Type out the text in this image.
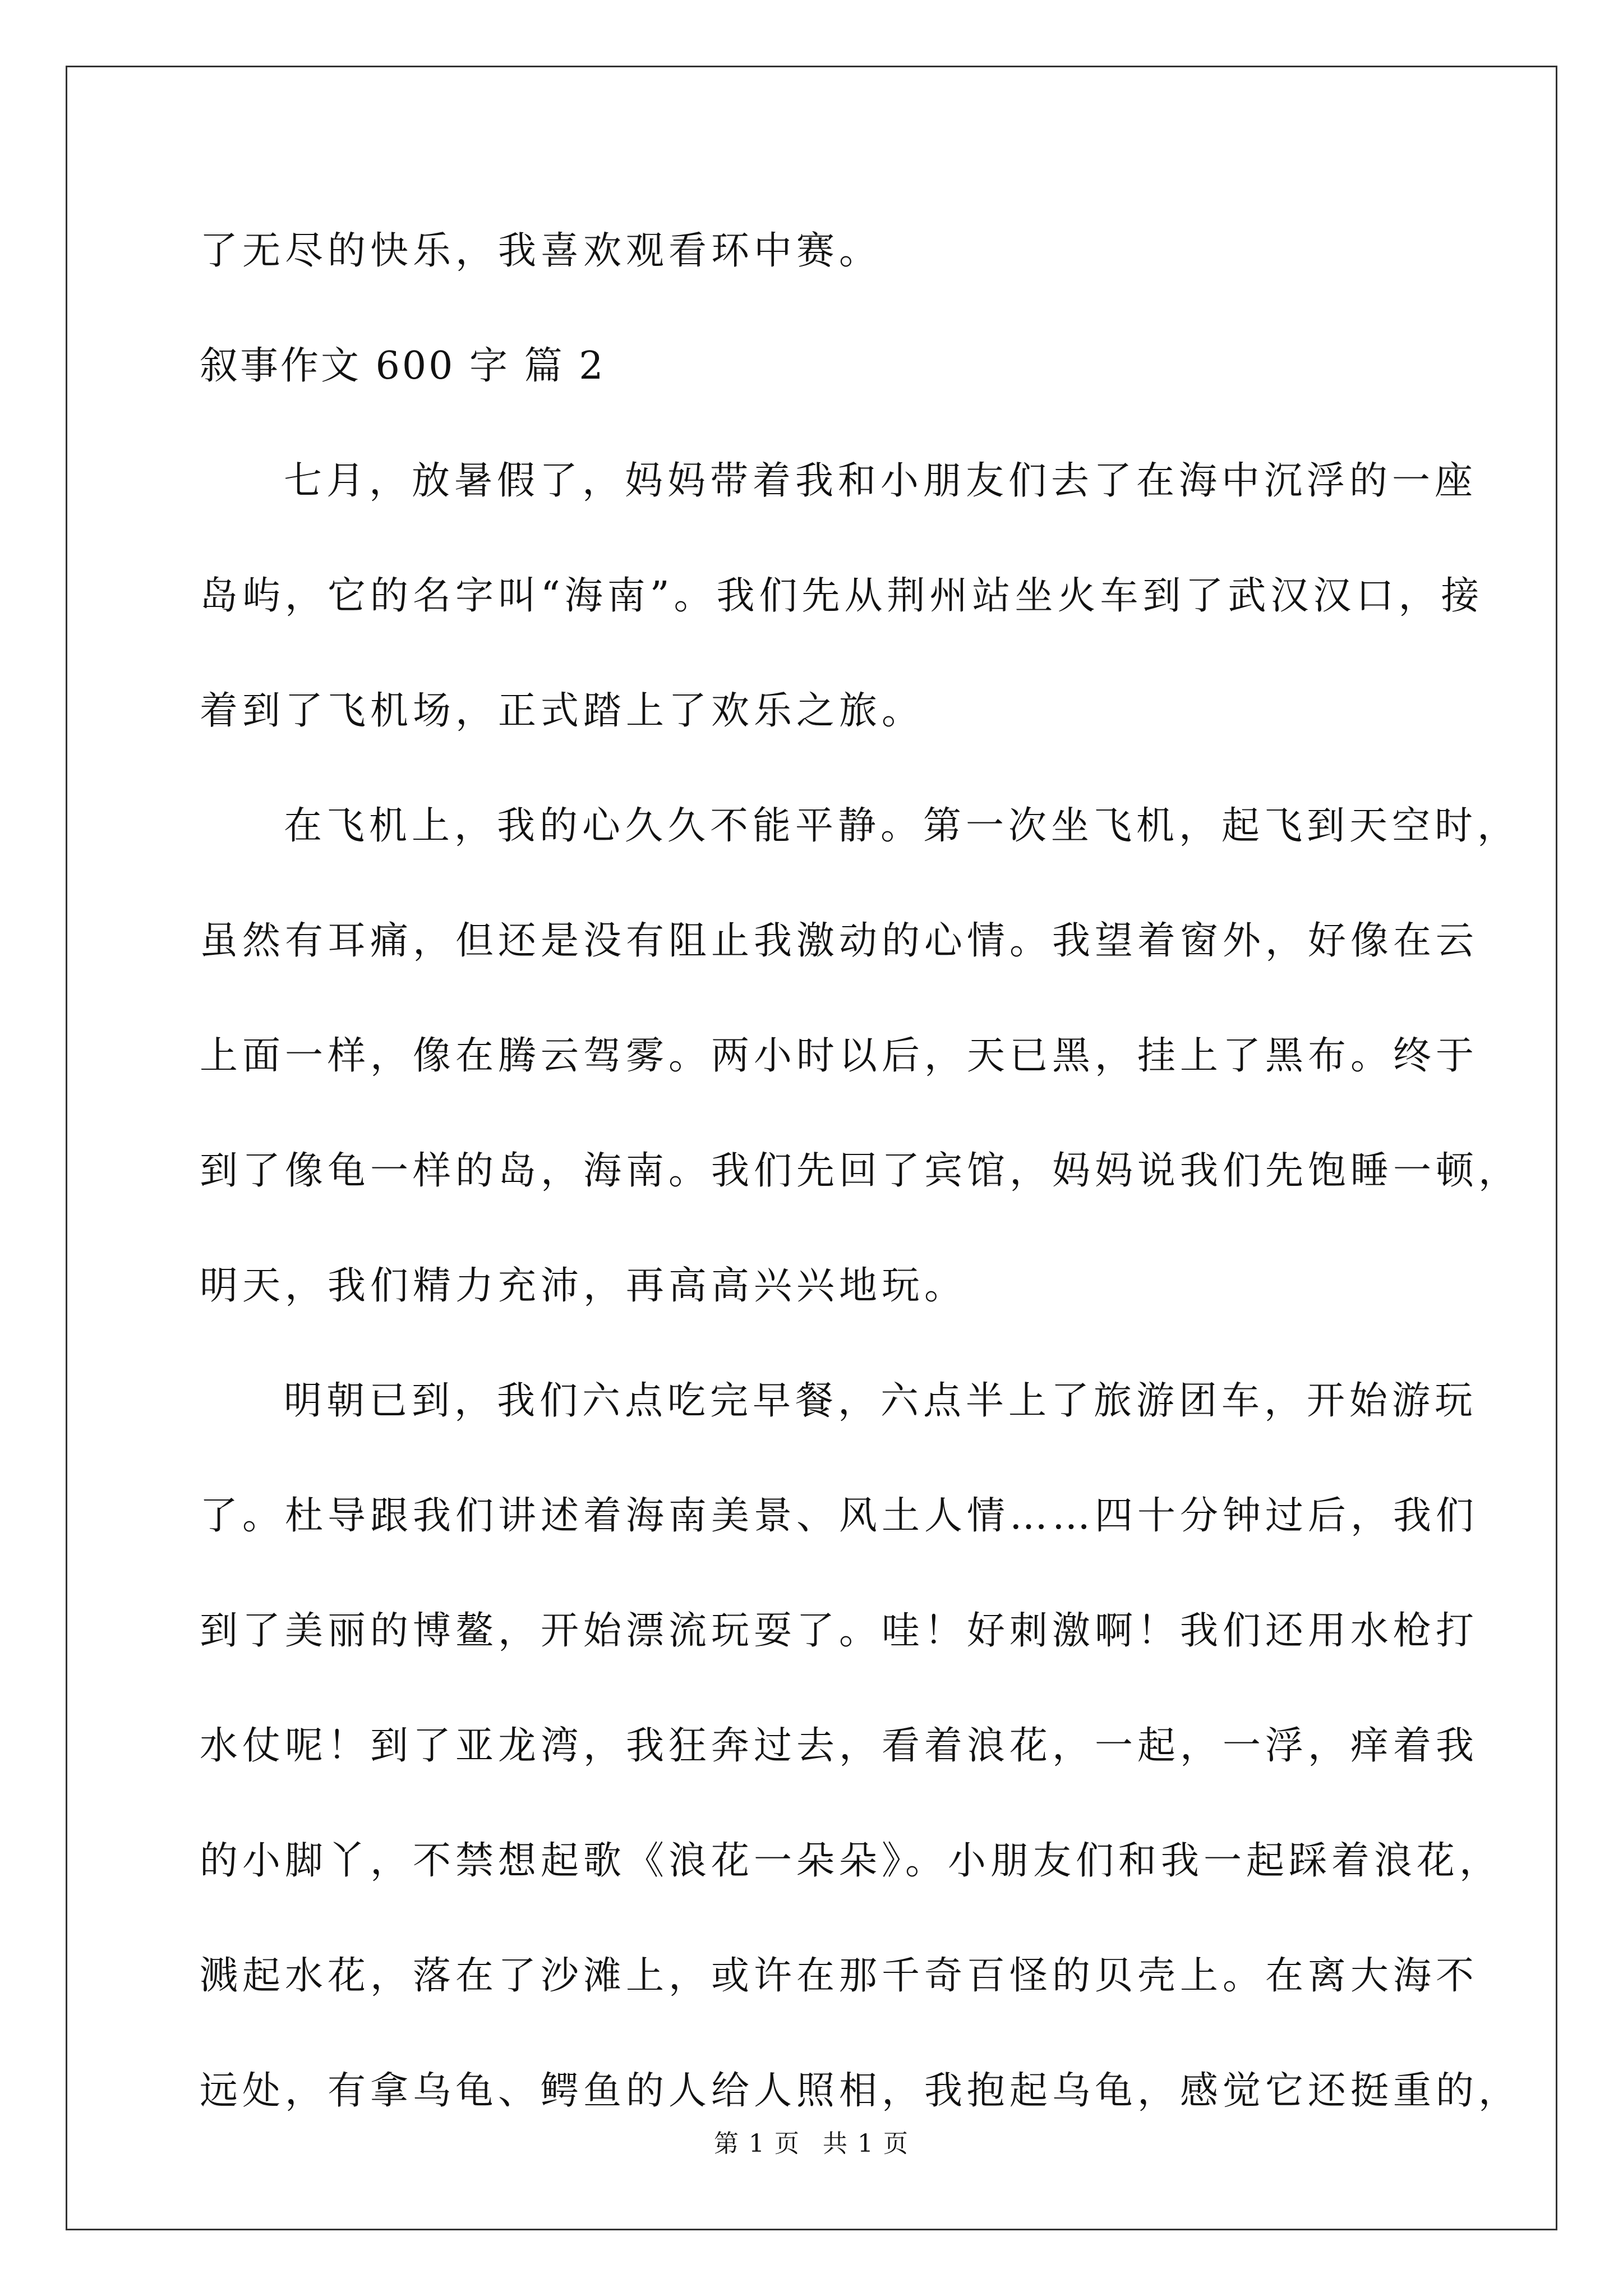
了无尽的快乐，我喜欢观看环中赛。
叙事作文 600 字 篇 2
七月，放暑假了，妈妈带着我和小朋友们去了在海中沉浮的一座
岛屿，它的名字叫“海南”。我们先从荆州站坐火车到了武汉汉口，接
着到了飞机场，正式踏上了欢乐之旅。
在飞机上，我的心久久不能平静。第一次坐飞机，起飞到天空时，
虽然有耳痛，但还是没有阻止我激动的心情。我望着窗外，好像在云
上面一样，像在腾云驾雾。两小时以后，天已黑，挂上了黑布。终于
到了像龟一样的岛，海南。我们先回了宾馆，妈妈说我们先饱睡一顿，
明天，我们精力充沛，再高高兴兴地玩。
明朝已到，我们六点吃完早餐，六点半上了旅游团车，开始游玩
了。杜导跟我们讲述着海南美景、风土人情……四十分钟过后，我们
到了美丽的博鳌，开始漂流玩耍了。哇！好刺激啊！我们还用水枪打
水仗呢！到了亚龙湾，我狂奔过去，看着浪花，一起，一浮，痒着我
的小脚丫，不禁想起歌《浪花一朵朵》。小朋友们和我一起踩着浪花，
溅起水花，落在了沙滩上，或许在那千奇百怪的贝壳上。在离大海不
远处，有拿乌龟、鳄鱼的人给人照相，我抱起乌龟，感觉它还挺重的，
第 1 页 共 1 页
